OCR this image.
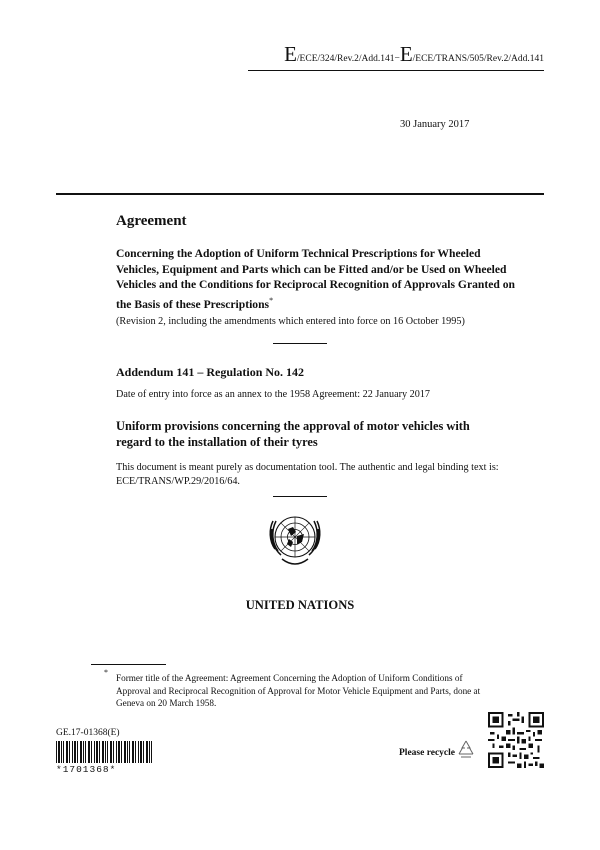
E/ECE/324/Rev.2/Add.141−E/ECE/TRANS/505/Rev.2/Add.141
30 January 2017
Agreement
Concerning the Adoption of Uniform Technical Prescriptions for Wheeled Vehicles, Equipment and Parts which can be Fitted and/or be Used on Wheeled Vehicles and the Conditions for Reciprocal Recognition of Approvals Granted on the Basis of these Prescriptions*
(Revision 2, including the amendments which entered into force on 16 October 1995)
Addendum 141 – Regulation No. 142
Date of entry into force as an annex to the 1958 Agreement: 22 January 2017
Uniform provisions concerning the approval of motor vehicles with regard to the installation of their tyres
This document is meant purely as documentation tool. The authentic and legal binding text is: ECE/TRANS/WP.29/2016/64.
UNITED NATIONS
*
Former title of the Agreement: Agreement Concerning the Adoption of Uniform Conditions of Approval and Reciprocal Recognition of Approval for Motor Vehicle Equipment and Parts, done at Geneva on 20 March 1958.
GE.17-01368(E)
*1701368*
Please recycle
